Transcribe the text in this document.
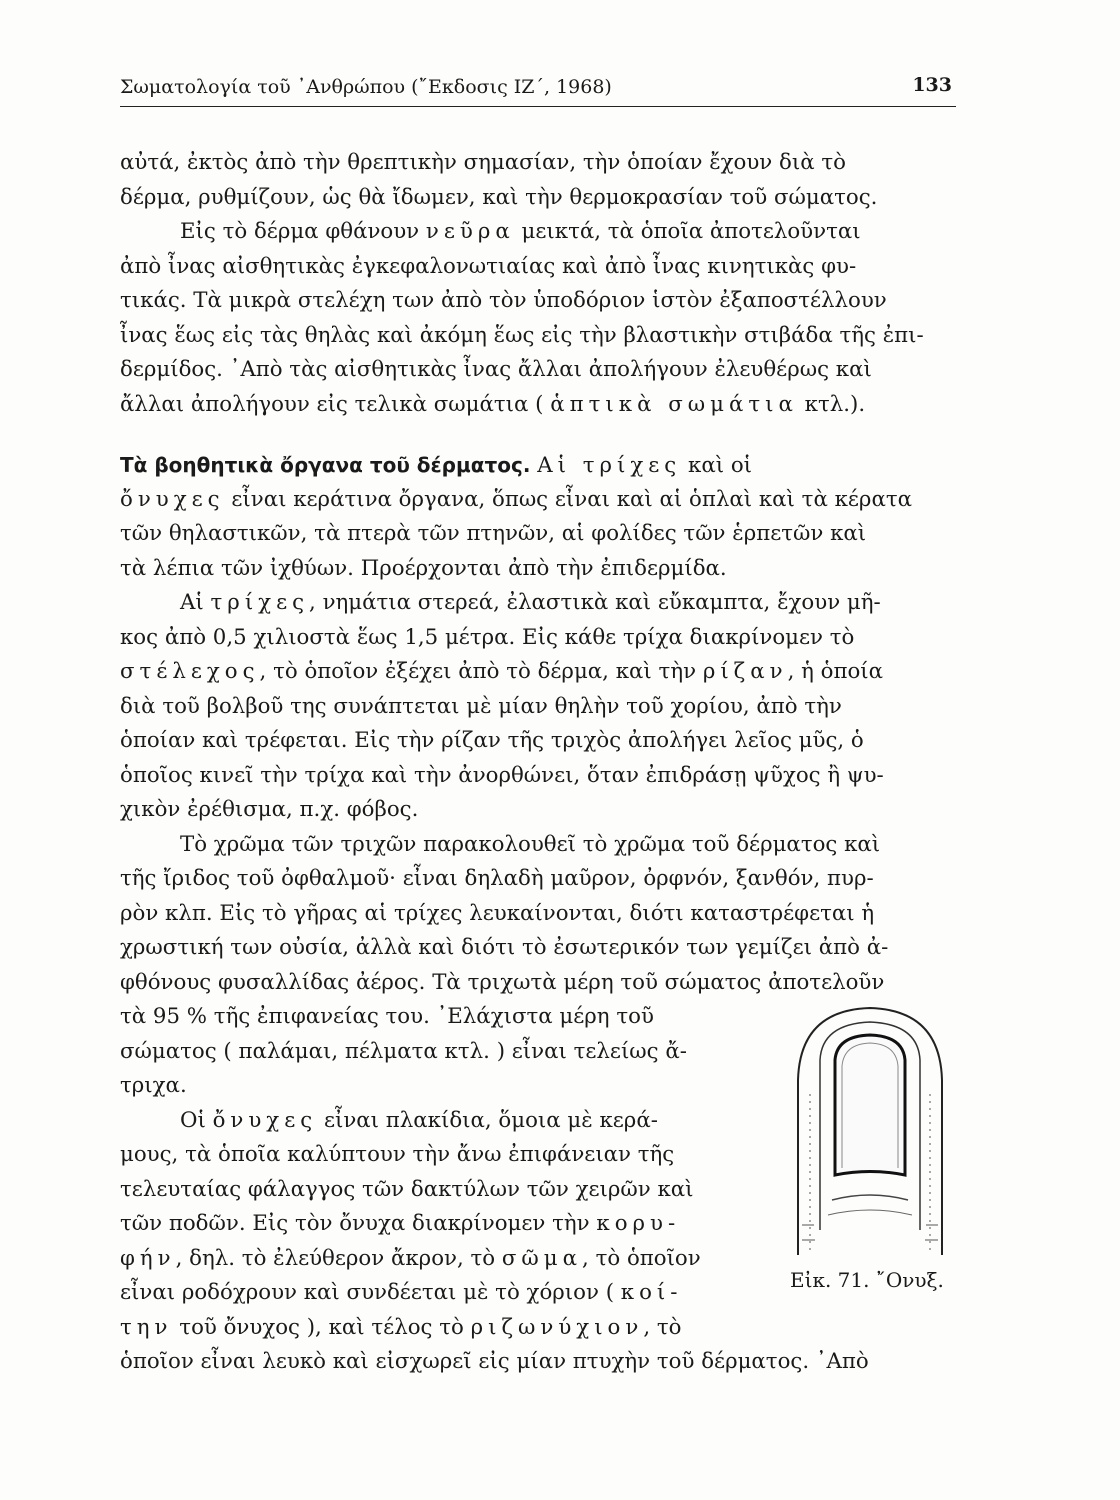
Σωματολογία τοῦ ᾿Ανθρώπου (῎Εκδοσις ΙΖ΄, 1968)	133
αὐτά, ἐκτὸς ἀπὸ τὴν θρεπτικὴν σημασίαν, τὴν ὁποίαν ἔχουν διὰ τὸ
δέρμα, ρυθμίζουν, ὡς θὰ ἴδωμεν, καὶ τὴν θερμοκρασίαν τοῦ σώματος.
Εἰς τὸ δέρμα φθάνουν νεῦρα μεικτά, τὰ ὁποῖα ἀποτελοῦνται
ἀπὸ ἶνας αἰσθητικὰς ἐγκεφαλονωτιαίας καὶ ἀπὸ ἶνας κινητικὰς φυ-
τικάς. Τὰ μικρὰ στελέχη των ἀπὸ τὸν ὑποδόριον ἱστὸν ἐξαποστέλλουν
ἶνας ἕως εἰς τὰς θηλὰς καὶ ἀκόμη ἕως εἰς τὴν βλαστικὴν στιβάδα τῆς ἐπι-
δερμίδος. ᾿Απὸ τὰς αἰσθητικὰς ἶνας ἄλλαι ἀπολήγουν ἐλευθέρως καὶ
ἄλλαι ἀπολήγουν εἰς τελικὰ σωμάτια ( ἁπτικὰ σωμάτια κτλ.).
Τὰ βοηθητικὰ ὄργανα τοῦ δέρματος. Αἱ τρίχες καὶ οἱ
ὄνυχες εἶναι κεράτινα ὄργανα, ὅπως εἶναι καὶ αἱ ὁπλαὶ καὶ τὰ κέρατα
τῶν θηλαστικῶν, τὰ πτερὰ τῶν πτηνῶν, αἱ φολίδες τῶν ἑρπετῶν καὶ
τὰ λέπια τῶν ἰχθύων. Προέρχονται ἀπὸ τὴν ἐπιδερμίδα.
Αἱ τρίχες, νημάτια στερεά, ἐλαστικὰ καὶ εὔκαμπτα, ἔχουν μῆ-
κος ἀπὸ 0,5 χιλιοστὰ ἕως 1,5 μέτρα. Εἰς κάθε τρίχα διακρίνομεν τὸ
στέλεχος, τὸ ὁποῖον ἐξέχει ἀπὸ τὸ δέρμα, καὶ τὴν ρίζαν, ἡ ὁποία
διὰ τοῦ βολβοῦ της συνάπτεται μὲ μίαν θηλὴν τοῦ χορίου, ἀπὸ τὴν
ὁποίαν καὶ τρέφεται. Εἰς τὴν ρίζαν τῆς τριχὸς ἀπολήγει λεῖος μῦς, ὁ
ὁποῖος κινεῖ τὴν τρίχα καὶ τὴν ἀνορθώνει, ὅταν ἐπιδράσῃ ψῦχος ἢ ψυ-
χικὸν ἐρέθισμα, π.χ. φόβος.
Τὸ χρῶμα τῶν τριχῶν παρακολουθεῖ τὸ χρῶμα τοῦ δέρματος καὶ
τῆς ἴριδος τοῦ ὀφθαλμοῦ· εἶναι δηλαδὴ μαῦρον, ὀρφνόν, ξανθόν, πυρ-
ρὸν κλπ. Εἰς τὸ γῆρας αἱ τρίχες λευκαίνονται, διότι καταστρέφεται ἡ
χρωστική των οὐσία, ἀλλὰ καὶ διότι τὸ ἐσωτερικόν των γεμίζει ἀπὸ ἀ-
φθόνους φυσαλλίδας ἀέρος. Τὰ τριχωτὰ μέρη τοῦ σώματος ἀποτελοῦν
τὰ 95 % τῆς ἐπιφανείας του. ᾿Ελάχιστα μέρη τοῦ
σώματος ( παλάμαι, πέλματα κτλ. ) εἶναι τελείως ἄ-
τριχα.
Οἱ ὄνυχες εἶναι πλακίδια, ὅμοια μὲ κερά-
μους, τὰ ὁποῖα καλύπτουν τὴν ἄνω ἐπιφάνειαν τῆς
τελευταίας φάλαγγος τῶν δακτύλων τῶν χειρῶν καὶ
τῶν ποδῶν. Εἰς τὸν ὄνυχα διακρίνομεν τὴν κορυ-
φήν, δηλ. τὸ ἐλεύθερον ἄκρον, τὸ σῶμα, τὸ ὁποῖον
εἶναι ροδόχρουν καὶ συνδέεται μὲ τὸ χόριον ( κοί-
την τοῦ ὄνυχος ), καὶ τέλος τὸ ριζωνύχιον, τὸ
ὁποῖον εἶναι λευκὸ καὶ εἰσχωρεῖ εἰς μίαν πτυχὴν τοῦ δέρματος. ᾿Απὸ
Εἰκ. 71. ῎Ονυξ.
